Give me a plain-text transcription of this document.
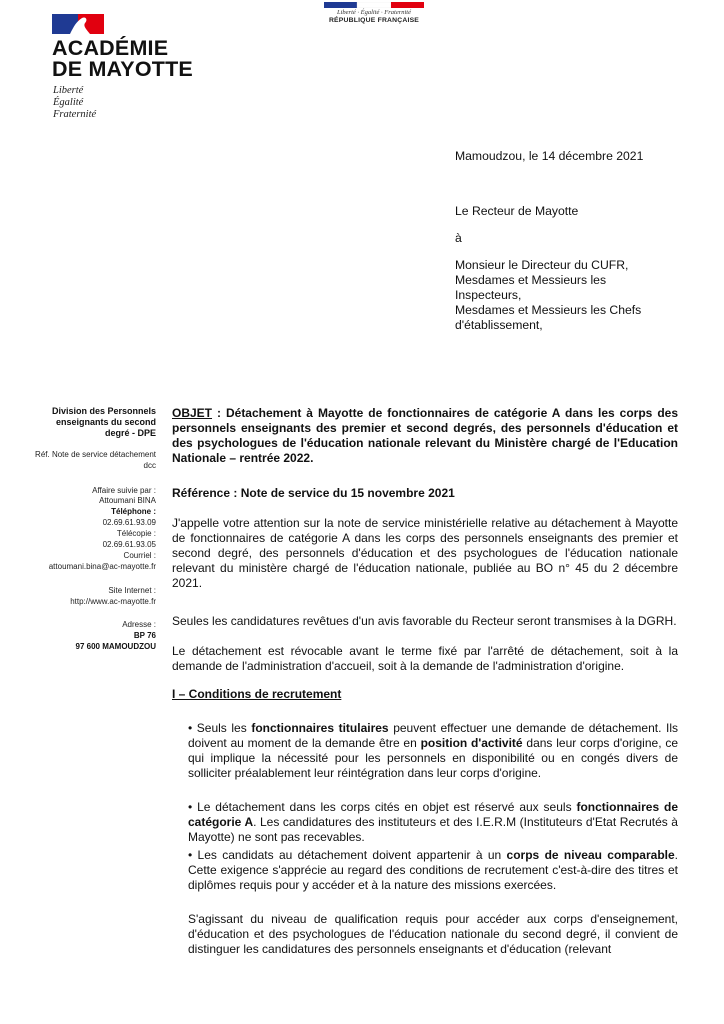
ACADÉMIE
DE MAYOTTE
Liberté
Égalité
Fraternité
Liberté · Égalité · Fraternité
RÉPUBLIQUE FRANÇAISE
Mamoudzou, le 14 décembre 2021
Le Recteur de Mayotte
à
Monsieur le Directeur du CUFR,
Mesdames et Messieurs les
Inspecteurs,
Mesdames et Messieurs les Chefs
d'établissement,
Division des Personnels
enseignants du second
degré - DPE
Réf. Note de service détachement
dcc
Affaire suivie par :
Attoumani BINA
Téléphone :
02.69.61.93.09
Télécopie :
02.69.61.93.05
Courriel :
attoumani.bina@ac-mayotte.fr
Site Internet :
http://www.ac-mayotte.fr
Adresse :
BP 76
97 600 MAMOUDZOU
OBJET : Détachement à Mayotte de fonctionnaires de catégorie A dans les corps des personnels enseignants des premier et second degrés, des personnels d'éducation et des psychologues de l'éducation nationale relevant du Ministère chargé de l'Education Nationale – rentrée 2022.
Référence : Note de service du 15 novembre 2021
J'appelle votre attention sur la note de service ministérielle relative au détachement à Mayotte de fonctionnaires de catégorie A dans les corps des personnels enseignants des premier et second degré, des personnels d'éducation et des psychologues de l'éducation nationale relevant du ministère chargé de l'éducation nationale, publiée au BO n° 45 du 2 décembre 2021.
Seules les candidatures revêtues d'un avis favorable du Recteur seront transmises à la DGRH.
Le détachement est révocable avant le terme fixé par l'arrêté de détachement, soit à la demande de l'administration d'accueil, soit à la demande de l'administration d'origine.
I – Conditions de recrutement
• Seuls les fonctionnaires titulaires peuvent effectuer une demande de détachement. Ils doivent au moment de la demande être en position d'activité dans leur corps d'origine, ce qui implique la nécessité pour les personnels en disponibilité ou en congés divers de solliciter préalablement leur réintégration dans leur corps d'origine.
• Le détachement dans les corps cités en objet est réservé aux seuls fonctionnaires de catégorie A. Les candidatures des instituteurs et des I.E.R.M (Instituteurs d'Etat Recrutés à Mayotte) ne sont pas recevables.
• Les candidats au détachement doivent appartenir à un corps de niveau comparable. Cette exigence s'apprécie au regard des conditions de recrutement c'est-à-dire des titres et diplômes requis pour y accéder et à la nature des missions exercées.
S'agissant du niveau de qualification requis pour accéder aux corps d'enseignement, d'éducation et des psychologues de l'éducation nationale du second degré, il convient de distinguer les candidatures des personnels enseignants et d'éducation (relevant
